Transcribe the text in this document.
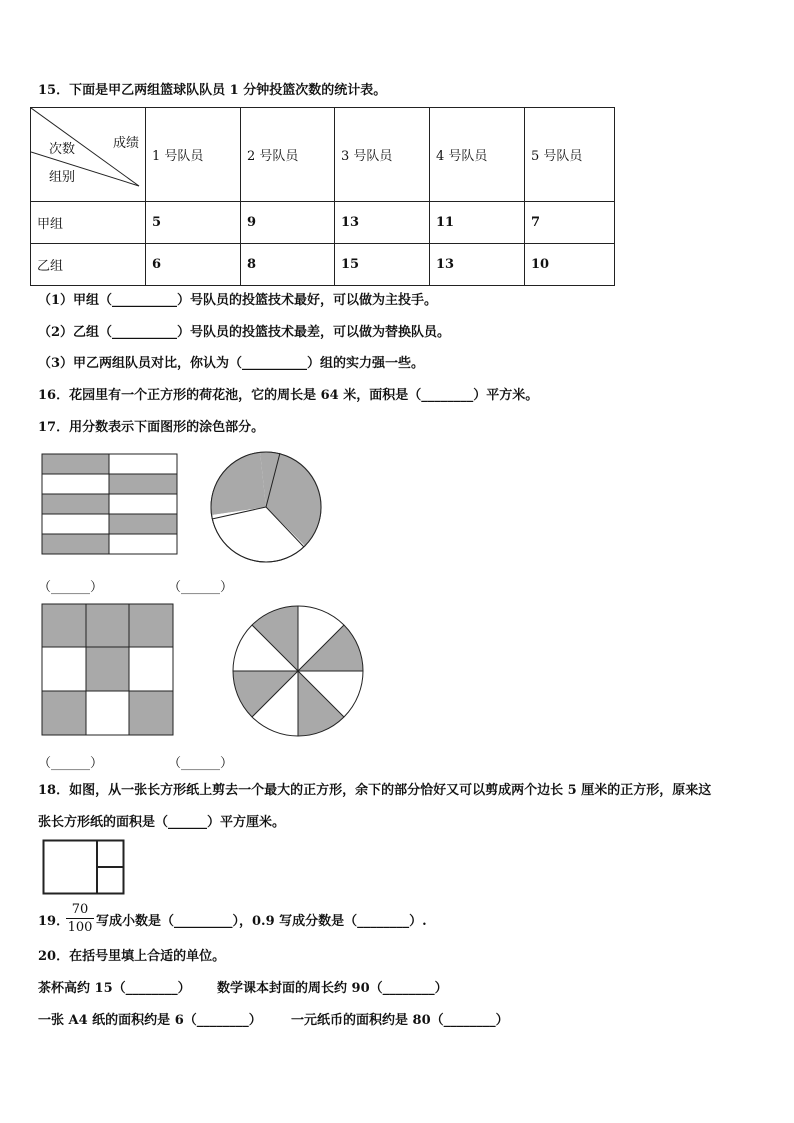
15．下面是甲乙两组篮球队队员 1 分钟投篮次数的统计表。
成绩
次数
组别	1 号队员	2 号队员	3 号队员	4 号队员	5 号队员
甲组	5	9	13	11	7
乙组	6	8	15	13	10
（1）甲组（__________）号队员的投篮技术最好，可以做为主投手。
（2）乙组（__________）号队员的投篮技术最差，可以做为替换队员。
（3）甲乙两组队员对比，你认为（__________）组的实力强一些。
16．花园里有一个正方形的荷花池，它的周长是 64 米，面积是（________）平方米。
17．用分数表示下面图形的涂色部分。
（______）	（______）
（______）	（______）
18．如图，从一张长方形纸上剪去一个最大的正方形，余下的部分恰好又可以剪成两个边长 5 厘米的正方形，原来这
张长方形纸的面积是（______）平方厘米。
19．
70
100 写成小数是（_________），0.9 写成分数是（________）.
20．在括号里填上合适的单位。
茶杯高约 15（________） 数学课本封面的周长约 90（________）
一张 A4 纸的面积约是 6（________） 一元纸币的面积约是 80（________）
